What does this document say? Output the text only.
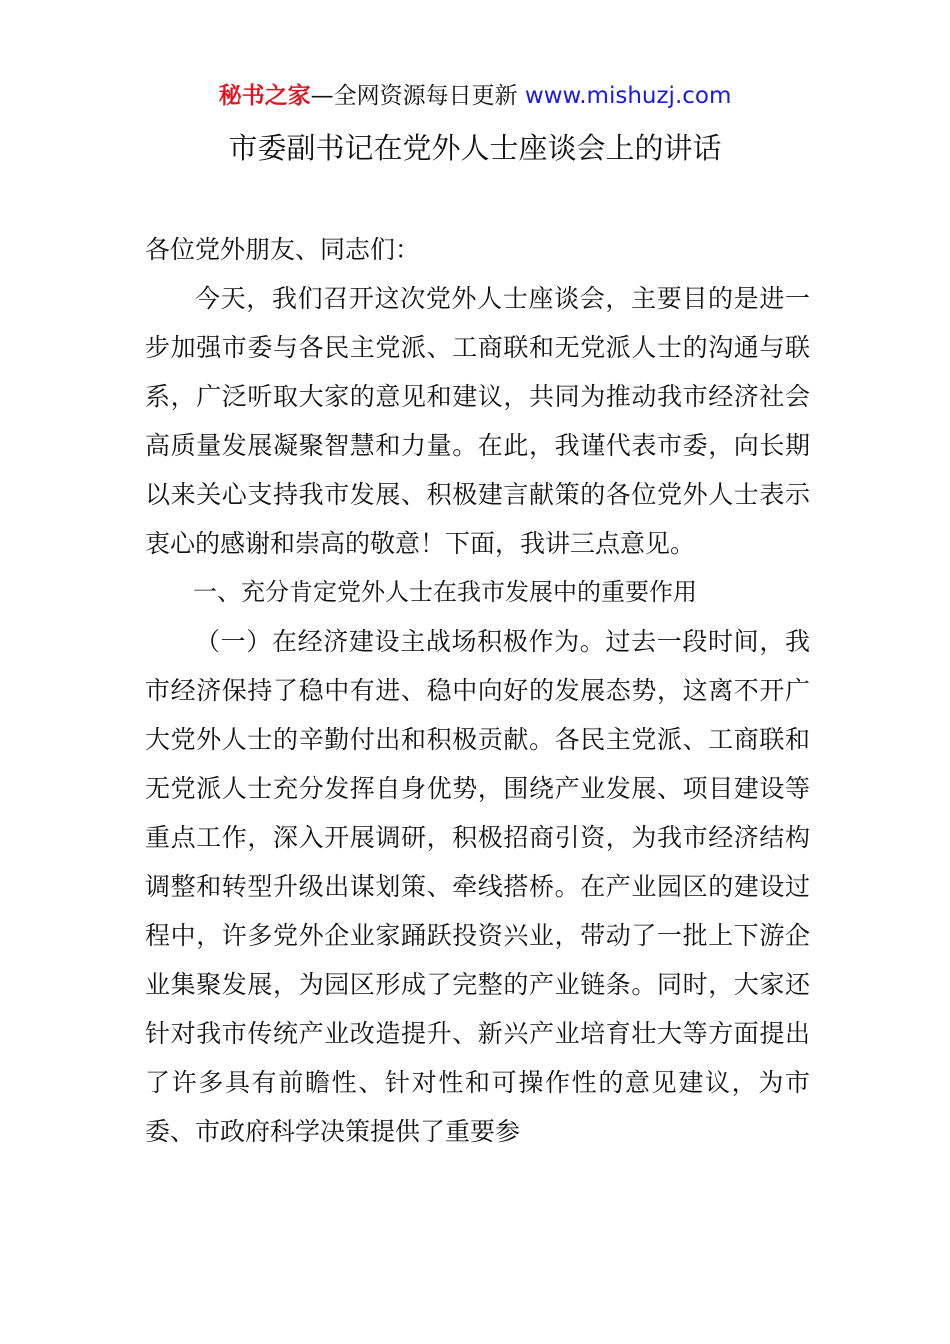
秘书之家—全网资源每日更新 www.mishuzj.com
市委副书记在党外人士座谈会上的讲话

各位党外朋友、同志们：

今天，我们召开这次党外人士座谈会，主要目的是进一步加强市委与各民主党派、工商联和无党派人士的沟通与联系，广泛听取大家的意见和建议，共同为推动我市经济社会高质量发展凝聚智慧和力量。在此，我谨代表市委，向长期以来关心支持我市发展、积极建言献策的各位党外人士表示衷心的感谢和崇高的敬意！下面，我讲三点意见。

一、充分肯定党外人士在我市发展中的重要作用

（一）在经济建设主战场积极作为。过去一段时间，我市经济保持了稳中有进、稳中向好的发展态势，这离不开广大党外人士的辛勤付出和积极贡献。各民主党派、工商联和无党派人士充分发挥自身优势，围绕产业发展、项目建设等重点工作，深入开展调研，积极招商引资，为我市经济结构调整和转型升级出谋划策、牵线搭桥。在产业园区的建设过程中，许多党外企业家踊跃投资兴业，带动了一批上下游企业集聚发展，为园区形成了完整的产业链条。同时，大家还针对我市传统产业改造提升、新兴产业培育壮大等方面提出了许多具有前瞻性、针对性和可操作性的意见建议，为市委、市政府科学决策提供了重要参
